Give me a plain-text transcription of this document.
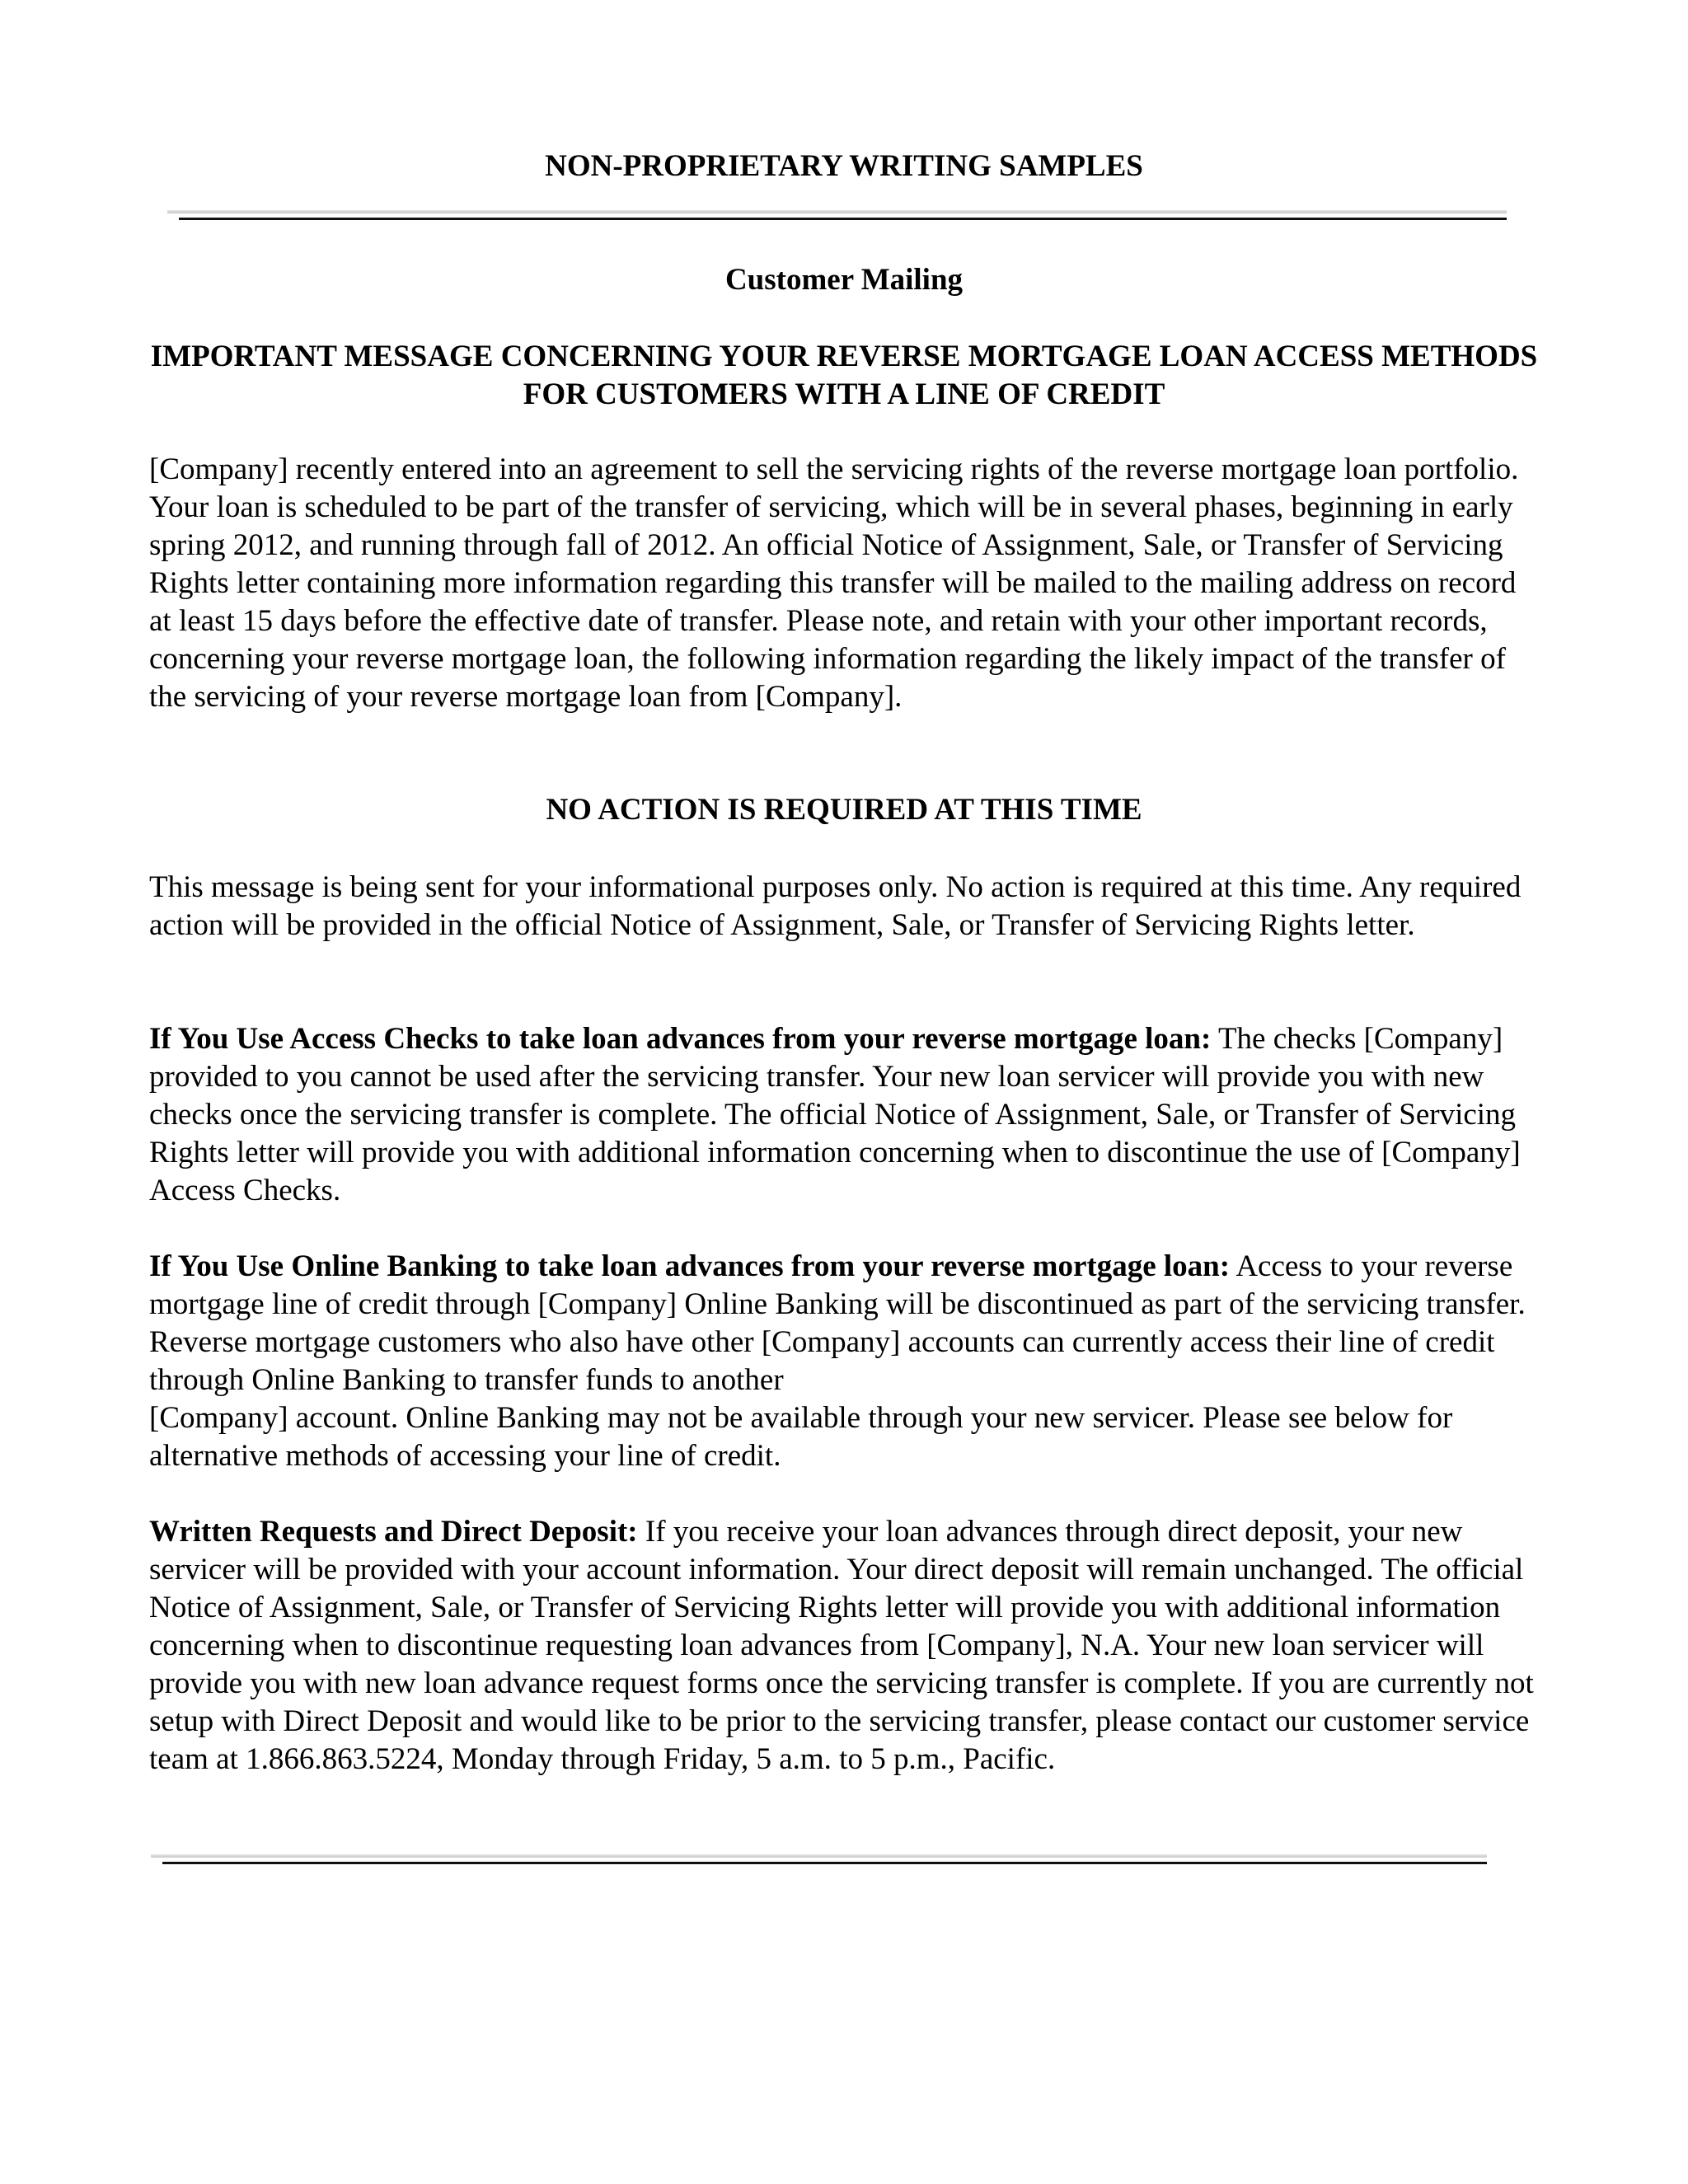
NON-PROPRIETARY WRITING SAMPLES
Customer Mailing
IMPORTANT MESSAGE CONCERNING YOUR REVERSE MORTGAGE LOAN ACCESS METHODS FOR CUSTOMERS WITH A LINE OF CREDIT

[Company] recently entered into an agreement to sell the servicing rights of the reverse mortgage loan portfolio. Your loan is scheduled to be part of the transfer of servicing, which will be in several phases, beginning in early spring 2012, and running through fall of 2012. An official Notice of Assignment, Sale, or Transfer of Servicing Rights letter containing more information regarding this transfer will be mailed to the mailing address on record at least 15 days before the effective date of transfer. Please note, and retain with your other important records, concerning your reverse mortgage loan, the following information regarding the likely impact of the transfer of the servicing of your reverse mortgage loan from [Company].

NO ACTION IS REQUIRED AT THIS TIME

This message is being sent for your informational purposes only. No action is required at this time. Any required action will be provided in the official Notice of Assignment, Sale, or Transfer of Servicing Rights letter.

If You Use Access Checks to take loan advances from your reverse mortgage loan: The checks [Company] provided to you cannot be used after the servicing transfer. Your new loan servicer will provide you with new checks once the servicing transfer is complete. The official Notice of Assignment, Sale, or Transfer of Servicing Rights letter will provide you with additional information concerning when to discontinue the use of [Company] Access Checks.

If You Use Online Banking to take loan advances from your reverse mortgage loan: Access to your reverse mortgage line of credit through [Company] Online Banking will be discontinued as part of the servicing transfer. Reverse mortgage customers who also have other [Company] accounts can currently access their line of credit through Online Banking to transfer funds to another
[Company] account. Online Banking may not be available through your new servicer. Please see below for alternative methods of accessing your line of credit.

Written Requests and Direct Deposit: If you receive your loan advances through direct deposit, your new servicer will be provided with your account information. Your direct deposit will remain unchanged. The official Notice of Assignment, Sale, or Transfer of Servicing Rights letter will provide you with additional information concerning when to discontinue requesting loan advances from [Company], N.A. Your new loan servicer will provide you with new loan advance request forms once the servicing transfer is complete. If you are currently not setup with Direct Deposit and would like to be prior to the servicing transfer, please contact our customer service team at 1.866.863.5224, Monday through Friday, 5 a.m. to 5 p.m., Pacific.
